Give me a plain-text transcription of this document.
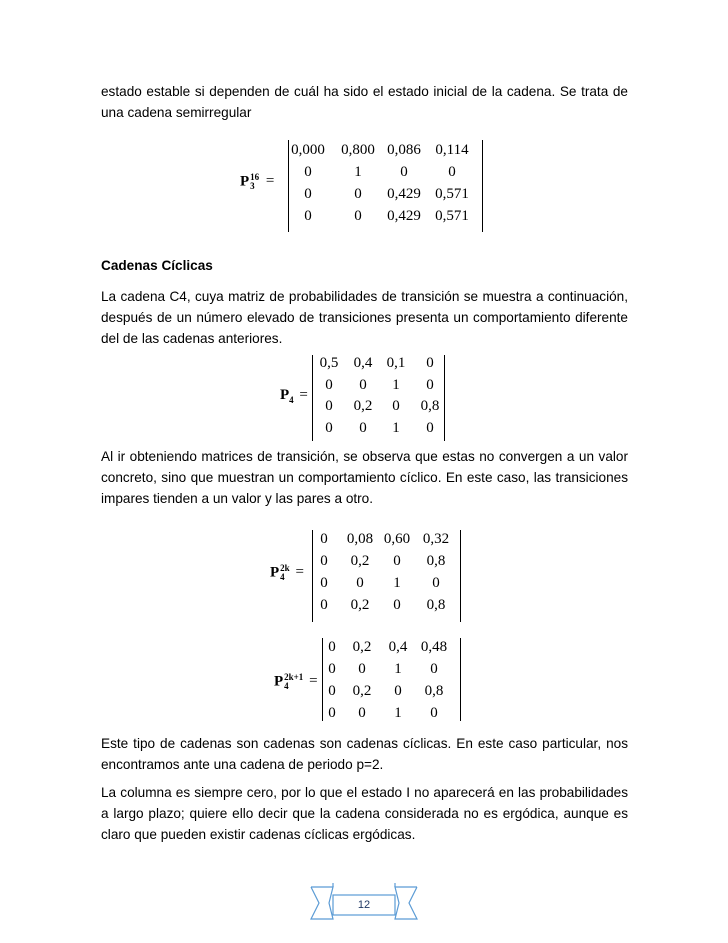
estado estable si dependen de cuál ha sido el estado inicial de la cadena. Se trata de una cadena semirregular

P16
3 =
0,000	0,800 0,086 0,114
0	1	0	0
0	0	0,429 0,571
0	0	0,429 0,571
Cadenas Cíclicas

La cadena C4, cuya matriz de probabilidades de transición se muestra a continuación, después de un número elevado de transiciones presenta un comportamiento diferente del de las cadenas anteriores.

$P_4$ =
0,5	0,4 0,1	0
0	0	1	0
0	0,2	0	0,8
0	0	1	0

Al ir obteniendo matrices de transición, se observa que estas no convergen a un valor concreto, sino que muestran un comportamiento cíclico. En este caso, las transiciones impares tienden a un valor y las pares a otro.

P2k
4 =
0	0,08 0,60 0,32
0	0,2	0	0,8
0	0	1	0
0	0,2	0	0,8
P2k+1
4 =
0	0,2	0,4 0,48
0	0	1	0
0	0,2	0	0,8
0	0	1	0

Este tipo de cadenas son cadenas son cadenas cíclicas. En este caso particular, nos encontramos ante una cadena de periodo p=2.

La columna es siempre cero, por lo que el estado I no aparecerá en las probabilidades a largo plazo; quiere ello decir que la cadena considerada no es ergódica, aunque es claro que pueden existir cadenas cíclicas ergódicas.

12
